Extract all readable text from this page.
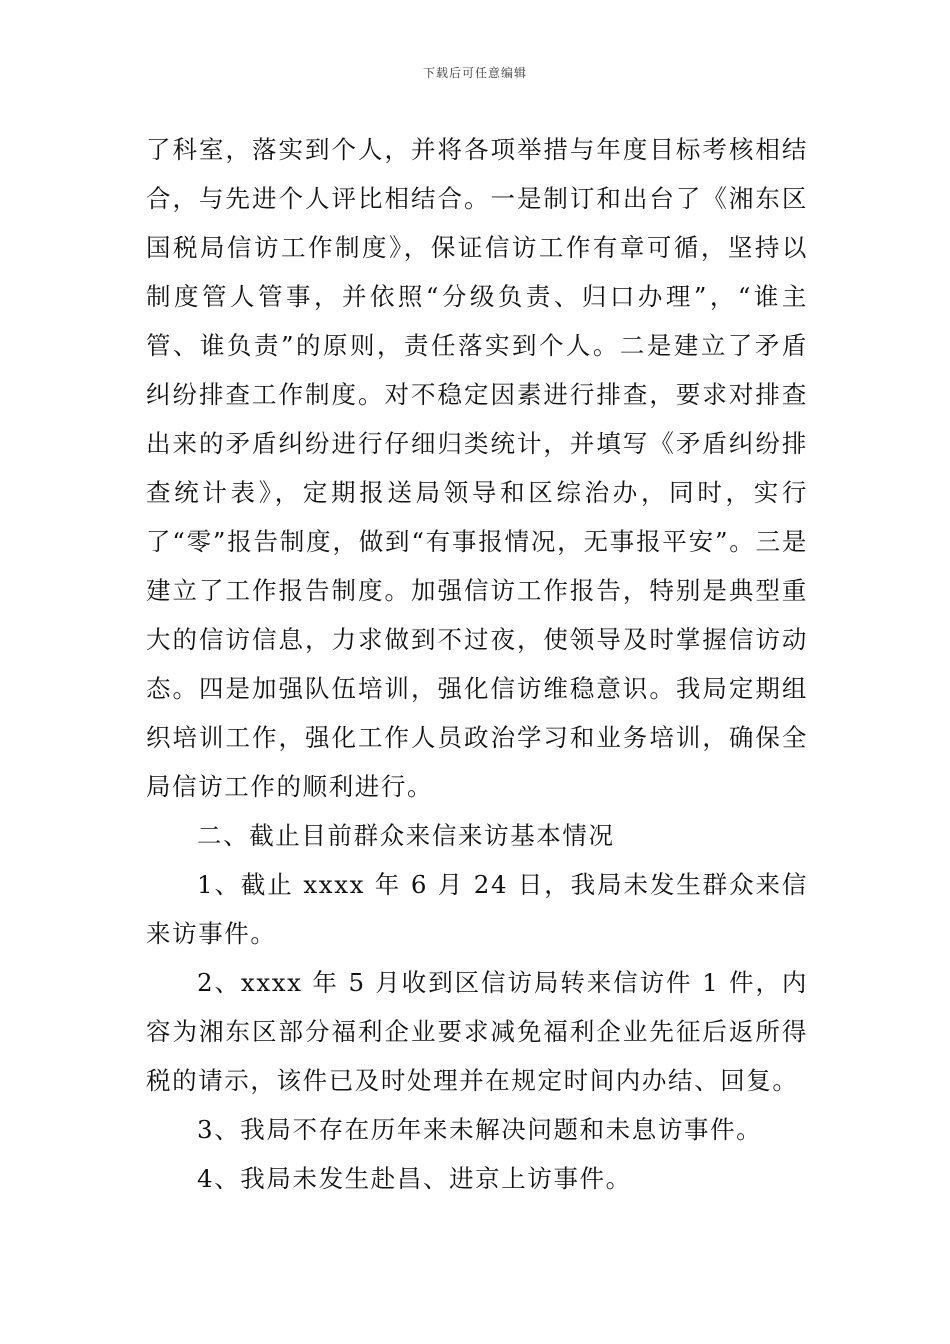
下载后可任意编辑

了科室，落实到个人，并将各项举措与年度目标考核相结合，与先进个人评比相结合。一是制订和出台了《湘东区国税局信访工作制度》，保证信访工作有章可循，坚持以制度管人管事，并依照“分级负责、归口办理”，“谁主管、谁负责”的原则，责任落实到个人。二是建立了矛盾纠纷排查工作制度。对不稳定因素进行排查，要求对排查出来的矛盾纠纷进行仔细归类统计，并填写《矛盾纠纷排查统计表》，定期报送局领导和区综治办，同时，实行了“零”报告制度，做到“有事报情况，无事报平安”。三是建立了工作报告制度。加强信访工作报告，特别是典型重大的信访信息，力求做到不过夜，使领导及时掌握信访动态。四是加强队伍培训，强化信访维稳意识。我局定期组织培训工作，强化工作人员政治学习和业务培训，确保全局信访工作的顺利进行。

二、截止目前群众来信来访基本情况

1、截止 xxxx 年 6 月 24 日，我局未发生群众来信来访事件。

2、xxxx 年 5 月收到区信访局转来信访件 1 件，内容为湘东区部分福利企业要求减免福利企业先征后返所得税的请示，该件已及时处理并在规定时间内办结、回复。

3、我局不存在历年来未解决问题和未息访事件。

4、我局未发生赴昌、进京上访事件。
